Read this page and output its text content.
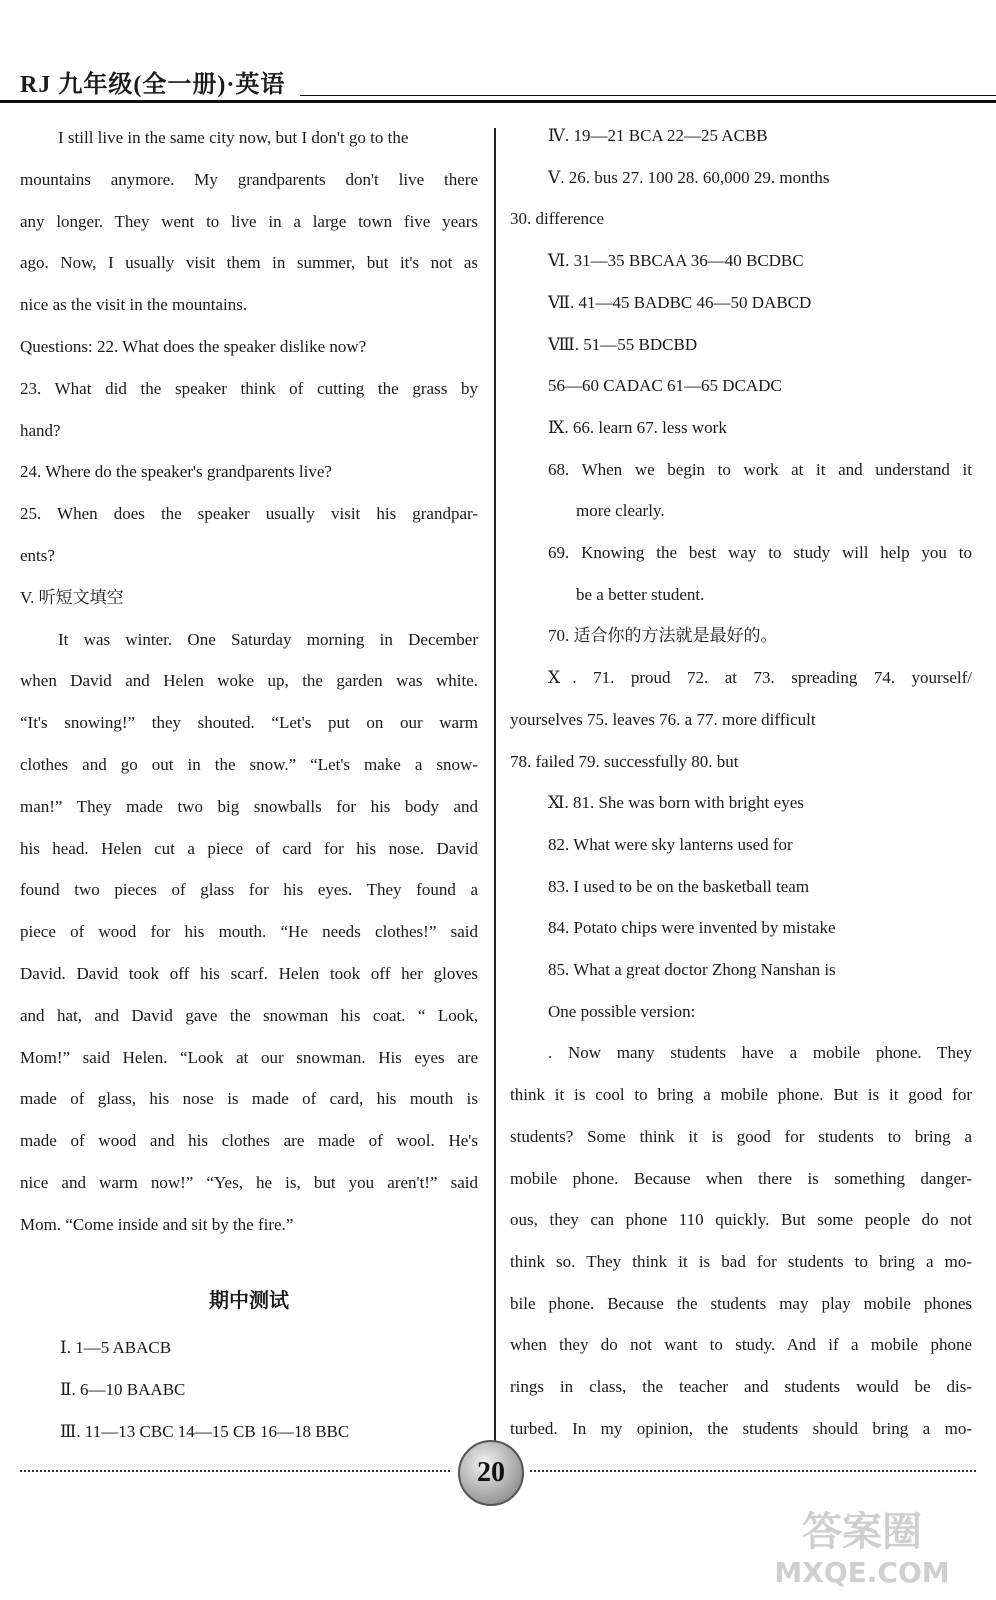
RJ 九年级(全一册)·英语
I still live in the same city now, but I don't go to the
mountains anymore. My grandparents don't live there
any longer. They went to live in a large town five years
ago. Now, I usually visit them in summer, but it's not as
nice as the visit in the mountains.
Questions: 22. What does the speaker dislike now?
23. What did the speaker think of cutting the grass by
hand?
24. Where do the speaker's grandparents live?
25. When does the speaker usually visit his grandpar-
ents?
V. 听短文填空
It was winter. One Saturday morning in December
when David and Helen woke up, the garden was white.
“It's snowing!” they shouted. “Let's put on our warm
clothes and go out in the snow.” “Let's make a snow-
man!” They made two big snowballs for his body and
his head. Helen cut a piece of card for his nose. David
found two pieces of glass for his eyes. They found a
piece of wood for his mouth. “He needs clothes!” said
David. David took off his scarf. Helen took off her gloves
and hat, and David gave the snowman his coat. “ Look,
Mom!” said Helen. “Look at our snowman. His eyes are
made of glass, his nose is made of card, his mouth is
made of wood and his clothes are made of wool. He's
nice and warm now!” “Yes, he is, but you aren't!” said
Mom. “Come inside and sit by the fire.”
期中测试
Ⅰ. 1—5 ABACB
Ⅱ. 6—10 BAABC
Ⅲ. 11—13 CBC 14—15 CB 16—18 BBC
Ⅳ. 19—21 BCA 22—25 ACBB
Ⅴ. 26. bus 27. 100 28. 60,000 29. months
30. difference
Ⅵ. 31—35 BBCAA 36—40 BCDBC
Ⅶ. 41—45 BADBC 46—50 DABCD
Ⅷ. 51—55 BDCBD
56—60 CADAC 61—65 DCADC
Ⅸ. 66. learn 67. less work
68. When we begin to work at it and understand it
more clearly.
69. Knowing the best way to study will help you to
be a better student.
70. 适合你的方法就是最好的。
Ⅹ. 71. proud 72. at 73. spreading 74. yourself/
yourselves 75. leaves 76. a 77. more difficult
78. failed 79. successfully 80. but
Ⅺ. 81. She was born with bright eyes
82. What were sky lanterns used for
83. I used to be on the basketball team
84. Potato chips were invented by mistake
85. What a great doctor Zhong Nanshan is
One possible version:
. Now many students have a mobile phone. They
think it is cool to bring a mobile phone. But is it good for
students? Some think it is good for students to bring a
mobile phone. Because when there is something danger-
ous, they can phone 110 quickly. But some people do not
think so. They think it is bad for students to bring a mo-
bile phone. Because the students may play mobile phones
when they do not want to study. And if a mobile phone
rings in class, the teacher and students would be dis-
turbed. In my opinion, the students should bring a mo-
20
答案圈
MXQE.COM
